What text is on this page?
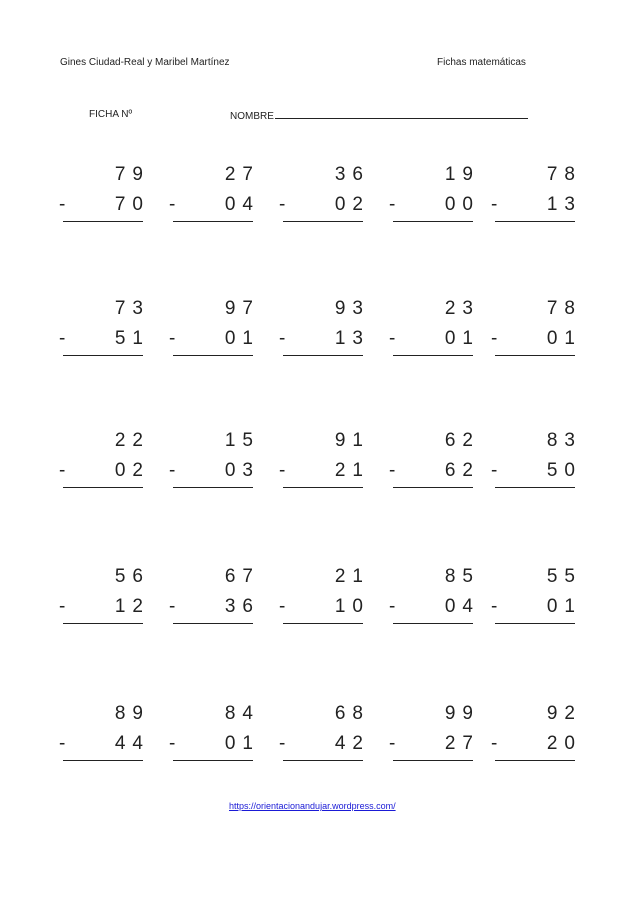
Gines Ciudad-Real y Maribel Martínez	Fichas matemáticas
FICHA Nº	NOMBRE
79
-	70
27
-	04
36
-	02
19
-	00
78
-	13
73
-	51
97
-	01
93
-	13
23
-	01
78
-	01
22
-	02
15
-	03
91
-	21
62
-	62
83
-	50
56
-	12
67
-	36
21
-	10
85
-	04
55
-	01
89
-	44
84
-	01
68
-	42
99
-	27
92
-	20
https://orientacionandujar.wordpress.com/
